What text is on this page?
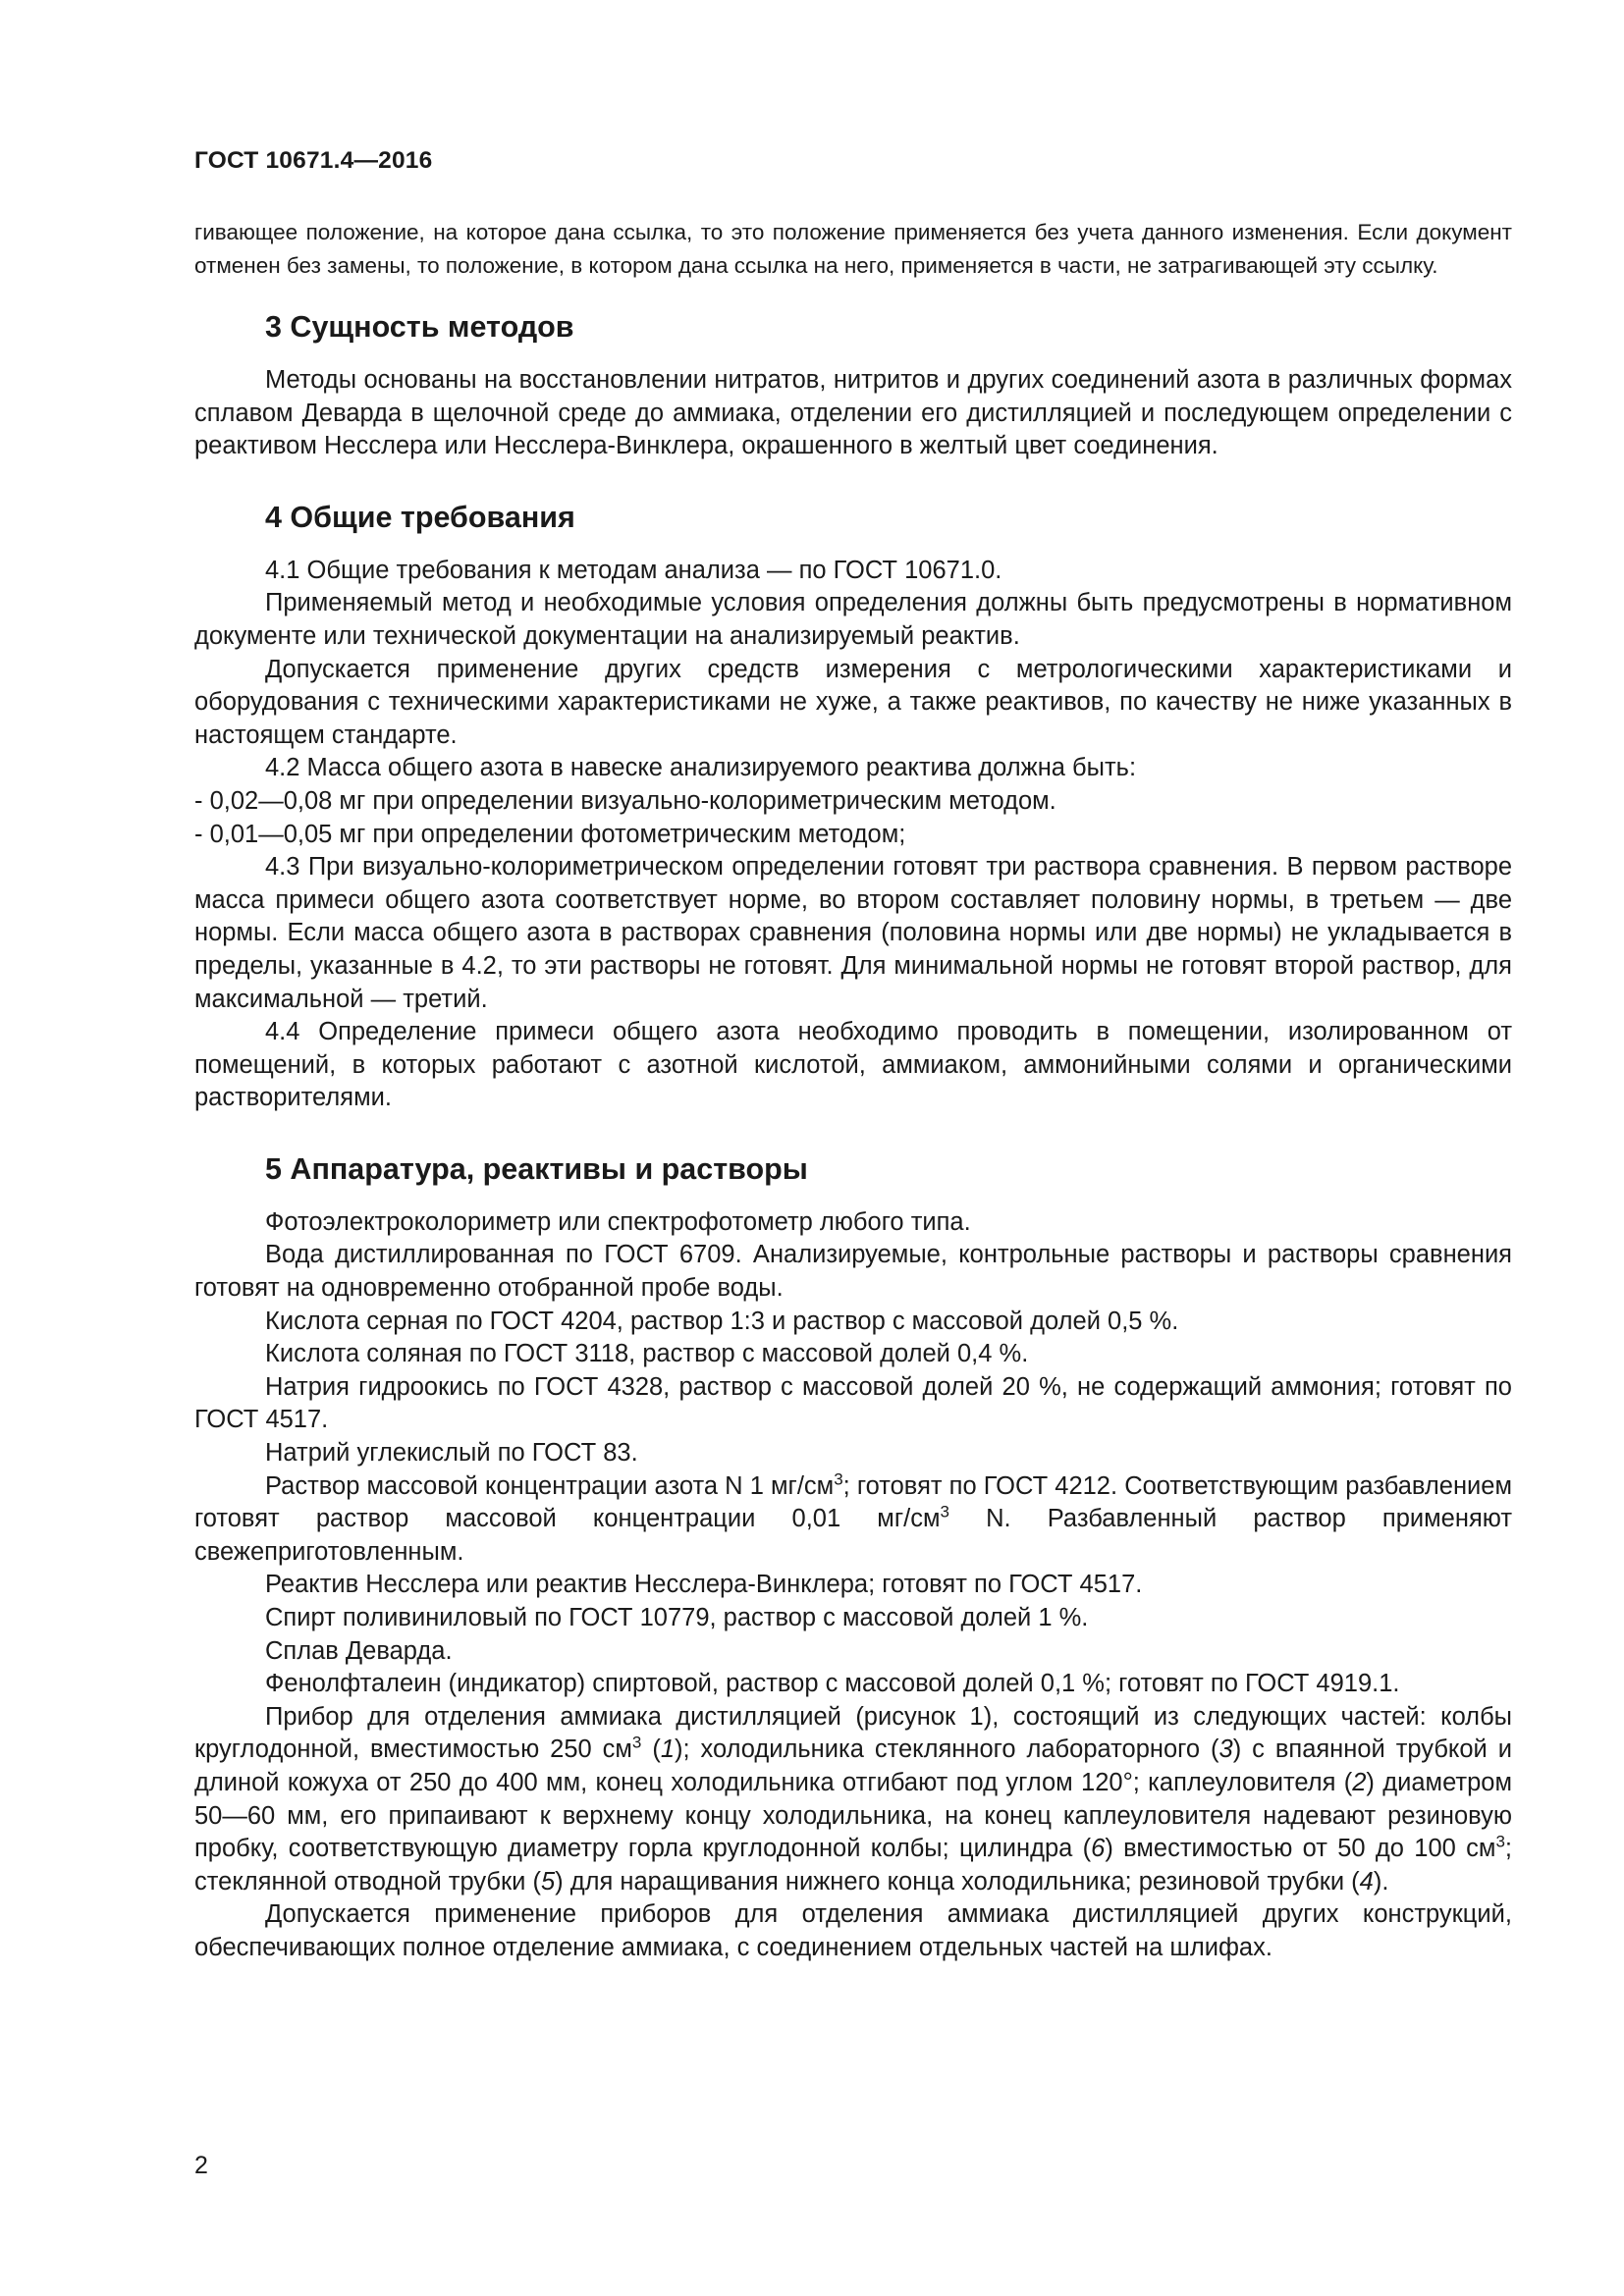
ГОСТ 10671.4—2016

гивающее положение, на которое дана ссылка, то это положение применяется без учета данного изменения. Если документ отменен без замены, то положение, в котором дана ссылка на него, применяется в части, не затрагивающей эту ссылку.

3 Сущность методов

Методы основаны на восстановлении нитратов, нитритов и других соединений азота в различных формах сплавом Деварда в щелочной среде до аммиака, отделении его дистилляцией и последующем определении с реактивом Несслера или Несслера-Винклера, окрашенного в желтый цвет соединения.

4 Общие требования

4.1 Общие требования к методам анализа — по ГОСТ 10671.0.

Применяемый метод и необходимые условия определения должны быть предусмотрены в нормативном документе или технической документации на анализируемый реактив.

Допускается применение других средств измерения с метрологическими характеристиками и оборудования с техническими характеристиками не хуже, а также реактивов, по качеству не ниже указанных в настоящем стандарте.

4.2 Масса общего азота в навеске анализируемого реактива должна быть:

- 0,02—0,08 мг при определении визуально-колориметрическим методом.

- 0,01—0,05 мг при определении фотометрическим методом;

4.3 При визуально-колориметрическом определении готовят три раствора сравнения. В первом растворе масса примеси общего азота соответствует норме, во втором составляет половину нормы, в третьем — две нормы. Если масса общего азота в растворах сравнения (половина нормы или две нормы) не укладывается в пределы, указанные в 4.2, то эти растворы не готовят. Для минимальной нормы не готовят второй раствор, для максимальной — третий.

4.4 Определение примеси общего азота необходимо проводить в помещении, изолированном от помещений, в которых работают с азотной кислотой, аммиаком, аммонийными солями и органическими растворителями.

5 Аппаратура, реактивы и растворы

Фотоэлектроколориметр или спектрофотометр любого типа.

Вода дистиллированная по ГОСТ 6709. Анализируемые, контрольные растворы и растворы сравнения готовят на одновременно отобранной пробе воды.

Кислота серная по ГОСТ 4204, раствор 1:3 и раствор с массовой долей 0,5 %.

Кислота соляная по ГОСТ 3118, раствор с массовой долей 0,4 %.

Натрия гидроокись по ГОСТ 4328, раствор с массовой долей 20 %, не содержащий аммония; готовят по ГОСТ 4517.

Натрий углекислый по ГОСТ 83.

Раствор массовой концентрации азота N 1 $мг/см^3$; готовят по ГОСТ 4212. Соответствующим разбавлением готовят раствор массовой концентрации 0,01 $мг/см^3$ N. Разбавленный раствор применяют свежеприготовленным.

Реактив Несслера или реактив Несслера-Винклера; готовят по ГОСТ 4517.

Спирт поливиниловый по ГОСТ 10779, раствор с массовой долей 1 %.

Сплав Деварда.

Фенолфталеин (индикатор) спиртовой, раствор с массовой долей 0,1 %; готовят по ГОСТ 4919.1.

Прибор для отделения аммиака дистилляцией (рисунок 1), состоящий из следующих частей: колбы круглодонной, вместимостью 250 $см^3$ (1); холодильника стеклянного лабораторного (3) с впаянной трубкой и длиной кожуха от 250 до 400 мм, конец холодильника отгибают под углом 120°; каплеуловителя (2) диаметром 50—60 мм, его припаивают к верхнему концу холодильника, на конец каплеуловителя надевают резиновую пробку, соответствующую диаметру горла круглодонной колбы; цилиндра (6) вместимостью от 50 до 100 $см^3$; стеклянной отводной трубки (5) для наращивания нижнего конца холодильника; резиновой трубки (4).

Допускается применение приборов для отделения аммиака дистилляцией других конструкций, обеспечивающих полное отделение аммиака, с соединением отдельных частей на шлифах.

2
